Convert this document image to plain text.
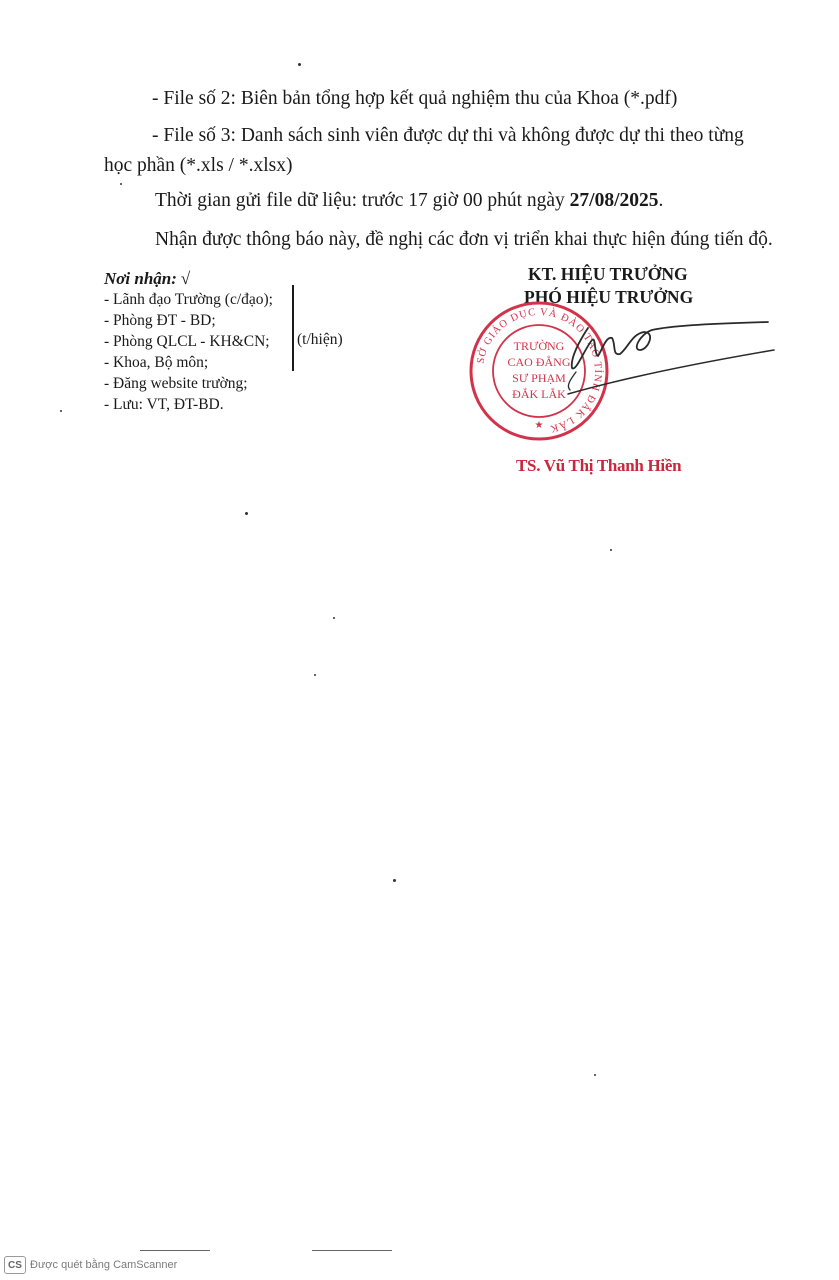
- File số 2: Biên bản tổng hợp kết quả nghiệm thu của Khoa (*.pdf)
- File số 3: Danh sách sinh viên được dự thi và không được dự thi theo từng
học phần (*.xls / *.xlsx)
Thời gian gửi file dữ liệu: trước 17 giờ 00 phút ngày 27/08/2025.
Nhận được thông báo này, đề nghị các đơn vị triển khai thực hiện đúng tiến độ.
Nơi nhận: √
- Lãnh đạo Trường (c/đạo);
- Phòng ĐT - BD;
- Phòng QLCL - KH&CN;
- Khoa, Bộ môn;
- Đăng website trường;
- Lưu: VT, ĐT-BD.
(t/hiện)
KT. HIỆU TRƯỞNG
PHÓ HIỆU TRƯỞNG
SỞ GIÁO DỤC VÀ ĐÀO TẠO TỈNH ĐẮK LẮK
TRƯỜNG
CAO ĐẲNG
SƯ PHẠM
ĐẮK LẮK
★
TS. Vũ Thị Thanh Hiền
CS Được quét bằng CamScanner
